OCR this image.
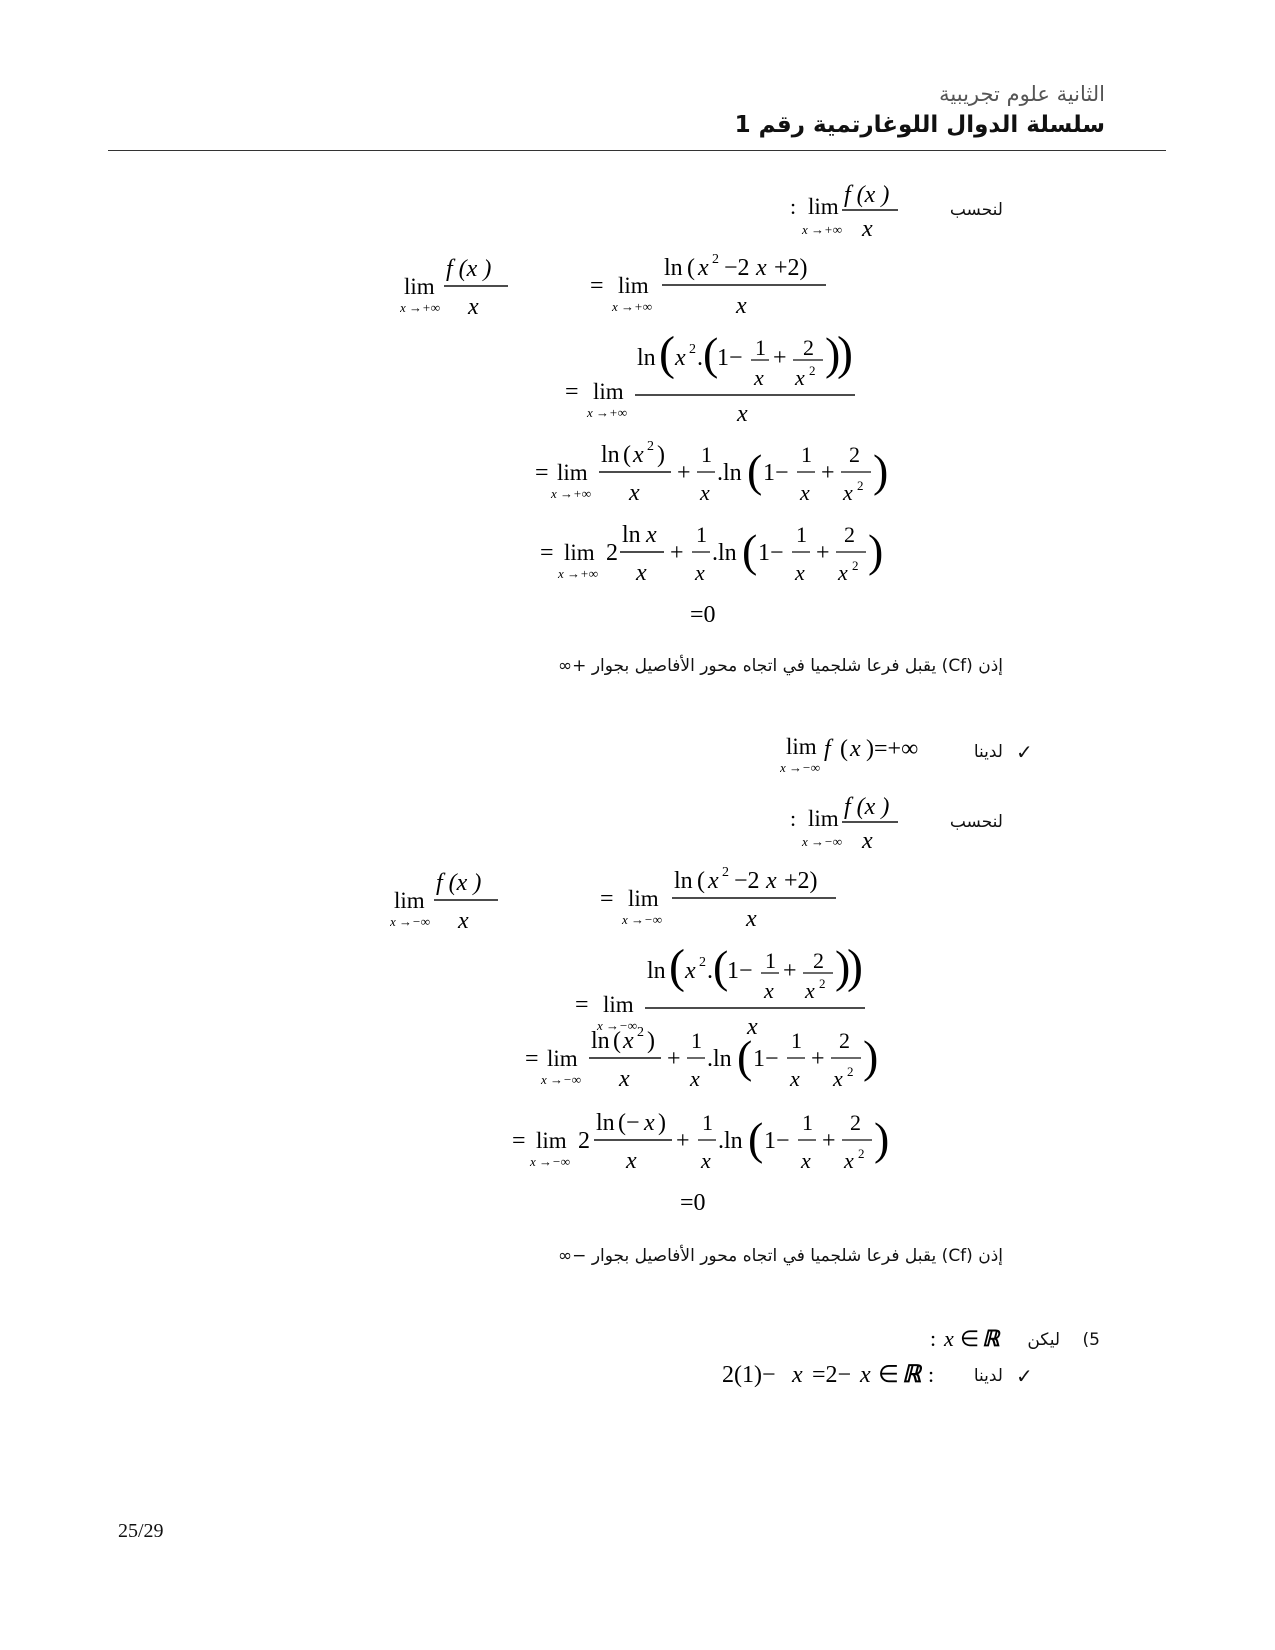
الثانية علوم تجريبية
سلسلة الدوال اللوغارتمية رقم 1
لنحسب
: lim
x →+∞
f (x )
x
lim
x →+∞
f (x )
x
= lim
x →+∞
ln ( x 2 −2 x +2)
x
= lim
x →+∞
ln ( x 2 . (
1− 1
x
+ 2
x 2 )
)
x
= lim
x →+∞
ln ( x 2 )
x
+
1
x
.ln ( 1−
1
x
+
2
x 2 )
= lim
x →+∞
2
ln x
x
+
1
x
.ln ( 1−
1
x
+
2
x 2 )
=0
إذن (Cf) يقبل فرعا شلجميا في اتجاه محور الأفاصيل بجوار +∞
✓
لدينا
lim
x →−∞
f ( x )=+∞
لنحسب
: lim
x →−∞
f (x )
x
lim
x →−∞
f (x )
x
= lim
x →−∞
ln ( x 2 −2 x +2)
x
= lim
x →−∞
ln ( x 2 . (
1− 1
x
+ 2
x 2 )
)
x
= lim
x →−∞
ln ( x 2 )
x
+
1
x
.ln ( 1−
1
x
+
2
x 2 )
= lim
x →−∞
2
ln (− x )
x
+
1
x
.ln ( 1−
1
x
+
2
x 2 )
=0
إذن (Cf) يقبل فرعا شلجميا في اتجاه محور الأفاصيل بجوار −∞
5)
ليكن
: x ∈ ℝ
✓
لدينا
2(1)− x =2− x ∈ ℝ :
25/29
